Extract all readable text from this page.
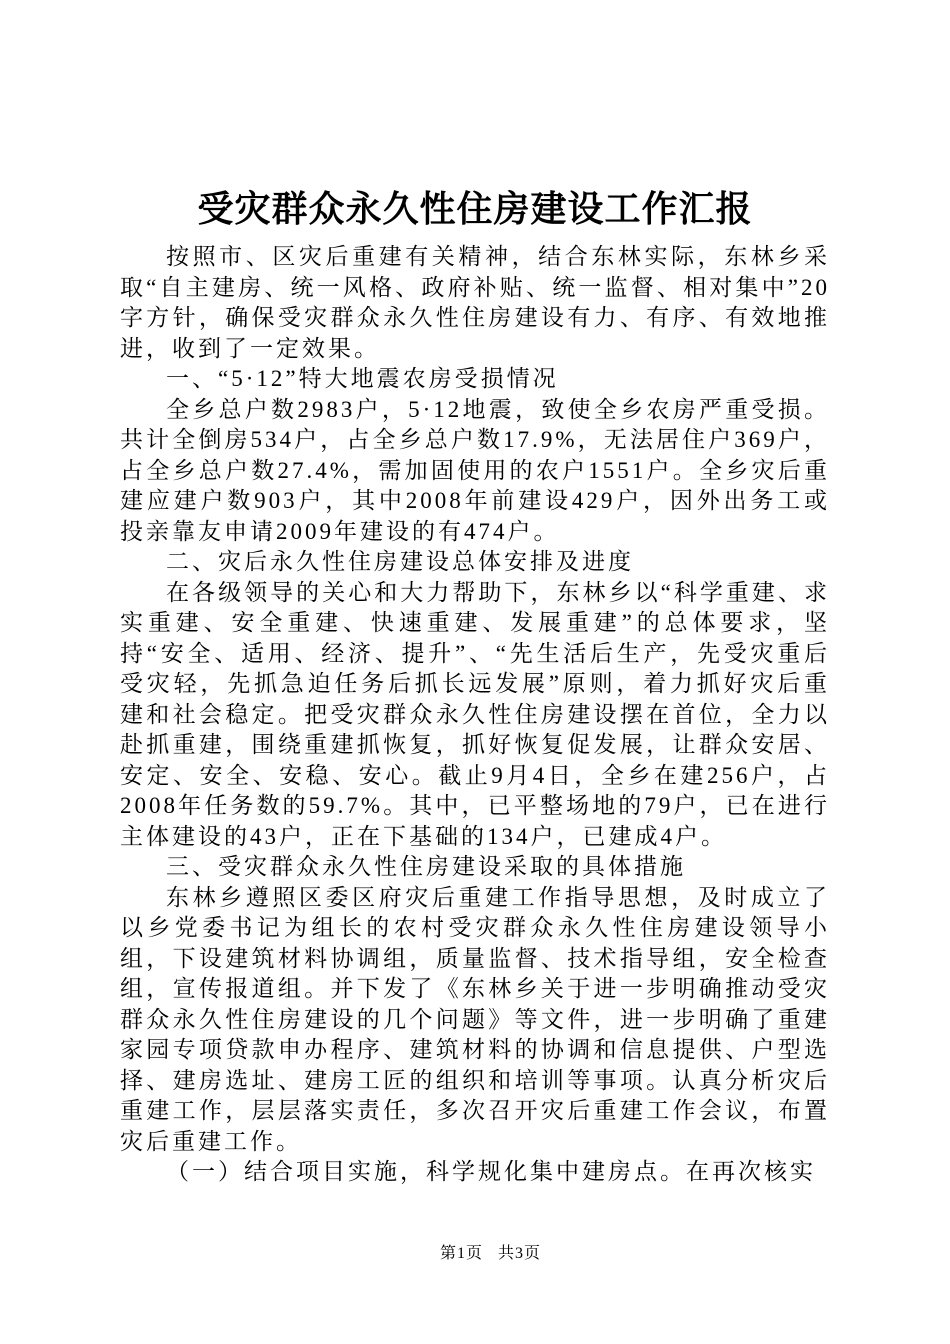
受灾群众永久性住房建设工作汇报

按照市、区灾后重建有关精神，结合东林实际，东林乡采取“自主建房、统一风格、政府补贴、统一监督、相对集中”20字方针，确保受灾群众永久性住房建设有力、有序、有效地推进，收到了一定效果。

一、“5·12”特大地震农房受损情况

全乡总户数2983户，5·12地震，致使全乡农房严重受损。共计全倒房534户，占全乡总户数17.9%，无法居住户369户，占全乡总户数27.4%，需加固使用的农户1551户。全乡灾后重建应建户数903户，其中2008年前建设429户，因外出务工或投亲靠友申请2009年建设的有474户。

二、灾后永久性住房建设总体安排及进度

在各级领导的关心和大力帮助下，东林乡以“科学重建、求实重建、安全重建、快速重建、发展重建”的总体要求，坚持“安全、适用、经济、提升”、“先生活后生产，先受灾重后受灾轻，先抓急迫任务后抓长远发展”原则，着力抓好灾后重建和社会稳定。把受灾群众永久性住房建设摆在首位，全力以赴抓重建，围绕重建抓恢复，抓好恢复促发展，让群众安居、安定、安全、安稳、安心。截止9月4日，全乡在建256户，占2008年任务数的59.7%。其中，已平整场地的79户，已在进行主体建设的43户，正在下基础的134户，已建成4户。

三、受灾群众永久性住房建设采取的具体措施

东林乡遵照区委区府灾后重建工作指导思想，及时成立了以乡党委书记为组长的农村受灾群众永久性住房建设领导小组，下设建筑材料协调组，质量监督、技术指导组，安全检查组，宣传报道组。并下发了《东林乡关于进一步明确推动受灾群众永久性住房建设的几个问题》等文件，进一步明确了重建家园专项贷款申办程序、建筑材料的协调和信息提供、户型选择、建房选址、建房工匠的组织和培训等事项。认真分析灾后重建工作，层层落实责任，多次召开灾后重建工作会议，布置灾后重建工作。

（一）结合项目实施，科学规化集中建房点。在再次核实

第1页 共3页
